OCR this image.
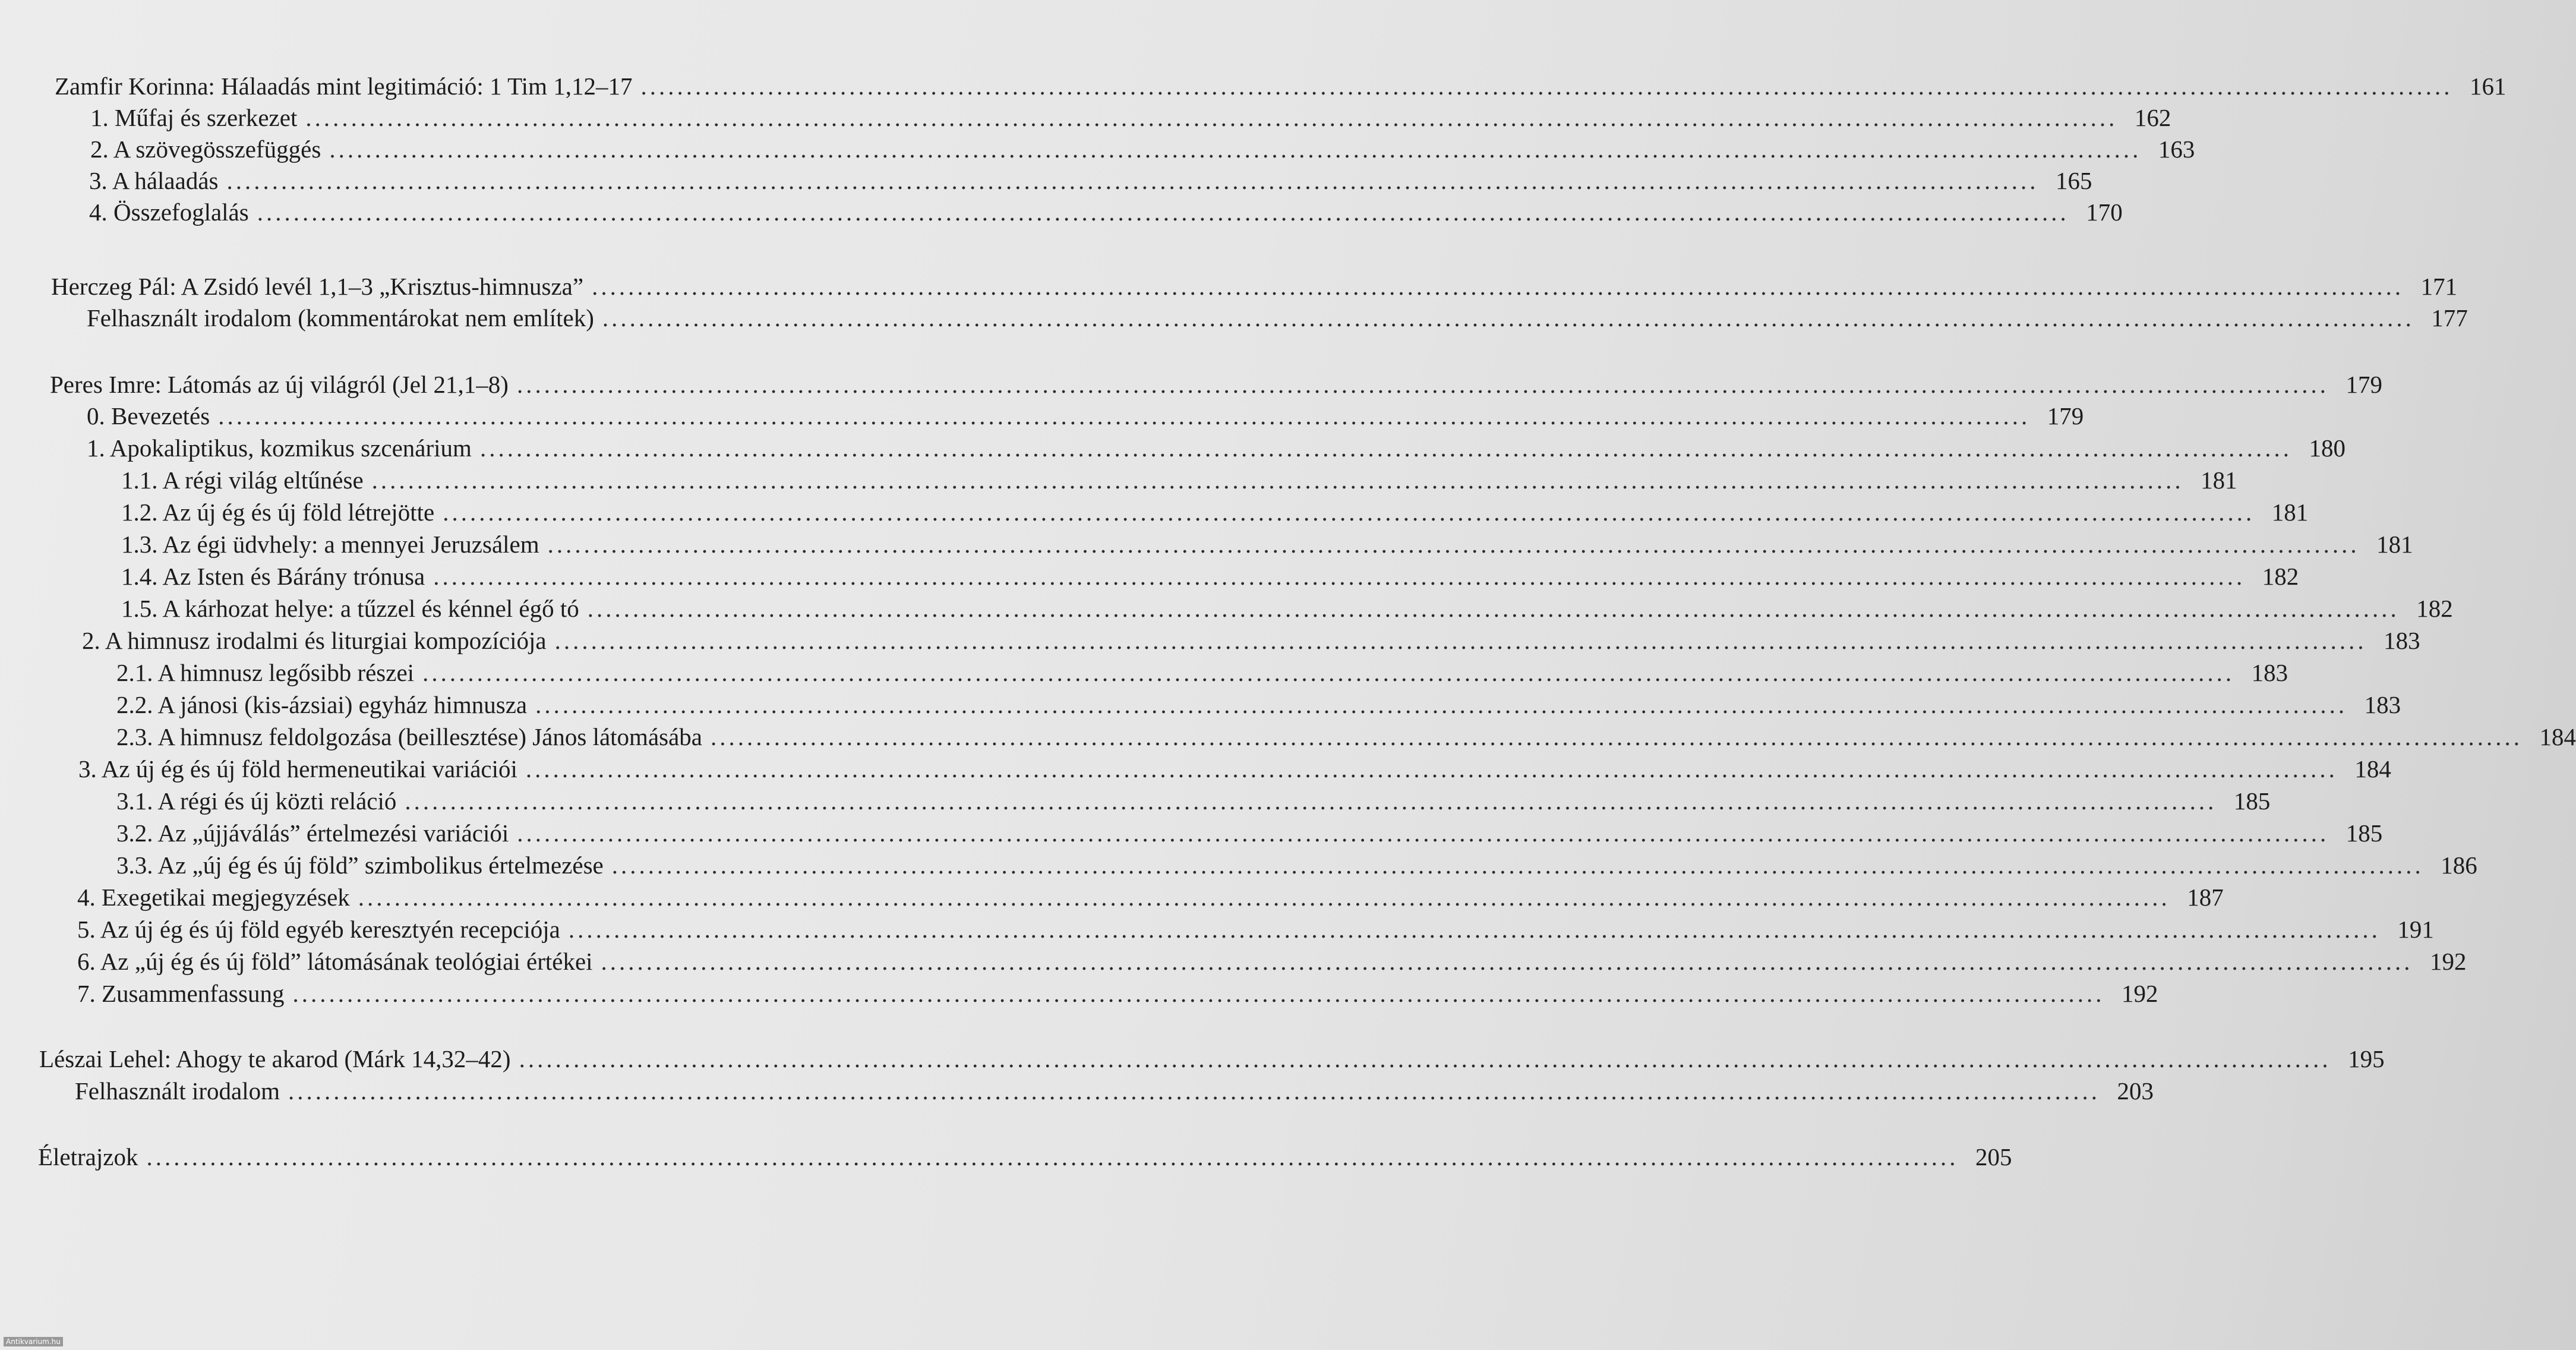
Zamfir Korinna: Hálaadás mint legitimáció: 1 Tim 1,12–17 ........................................................................................................................................................................................................ 161
1. Műfaj és szerkezet ........................................................................................................................................................................................................ 162
2. A szövegösszefüggés ........................................................................................................................................................................................................ 163
3. A hálaadás ........................................................................................................................................................................................................ 165
4. Összefoglalás ........................................................................................................................................................................................................ 170
Herczeg Pál: A Zsidó levél 1,1–3 „Krisztus-himnusza” ........................................................................................................................................................................................................ 171
Felhasznált irodalom (kommentárokat nem említek) ........................................................................................................................................................................................................ 177
Peres Imre: Látomás az új világról (Jel 21,1–8) ........................................................................................................................................................................................................ 179
0. Bevezetés ........................................................................................................................................................................................................ 179
1. Apokaliptikus, kozmikus szcenárium ........................................................................................................................................................................................................ 180
1.1. A régi világ eltűnése ........................................................................................................................................................................................................ 181
1.2. Az új ég és új föld létrejötte ........................................................................................................................................................................................................ 181
1.3. Az égi üdvhely: a mennyei Jeruzsálem ........................................................................................................................................................................................................ 181
1.4. Az Isten és Bárány trónusa ........................................................................................................................................................................................................ 182
1.5. A kárhozat helye: a tűzzel és kénnel égő tó ........................................................................................................................................................................................................ 182
2. A himnusz irodalmi és liturgiai kompozíciója ........................................................................................................................................................................................................ 183
2.1. A himnusz legősibb részei ........................................................................................................................................................................................................ 183
2.2. A jánosi (kis-ázsiai) egyház himnusza ........................................................................................................................................................................................................ 183
2.3. A himnusz feldolgozása (beillesztése) János látomásába ........................................................................................................................................................................................................ 184
3. Az új ég és új föld hermeneutikai variációi ........................................................................................................................................................................................................ 184
3.1. A régi és új közti reláció ........................................................................................................................................................................................................ 185
3.2. Az „újjáválás” értelmezési variációi ........................................................................................................................................................................................................ 185
3.3. Az „új ég és új föld” szimbolikus értelmezése ........................................................................................................................................................................................................ 186
4. Exegetikai megjegyzések ........................................................................................................................................................................................................ 187
5. Az új ég és új föld egyéb keresztyén recepciója ........................................................................................................................................................................................................ 191
6. Az „új ég és új föld” látomásának teológiai értékei ........................................................................................................................................................................................................ 192
7. Zusammenfassung ........................................................................................................................................................................................................ 192
Lészai Lehel: Ahogy te akarod (Márk 14,32–42) ........................................................................................................................................................................................................ 195
Felhasznált irodalom ........................................................................................................................................................................................................ 203
Életrajzok ........................................................................................................................................................................................................ 205
Antikvarium.hu
